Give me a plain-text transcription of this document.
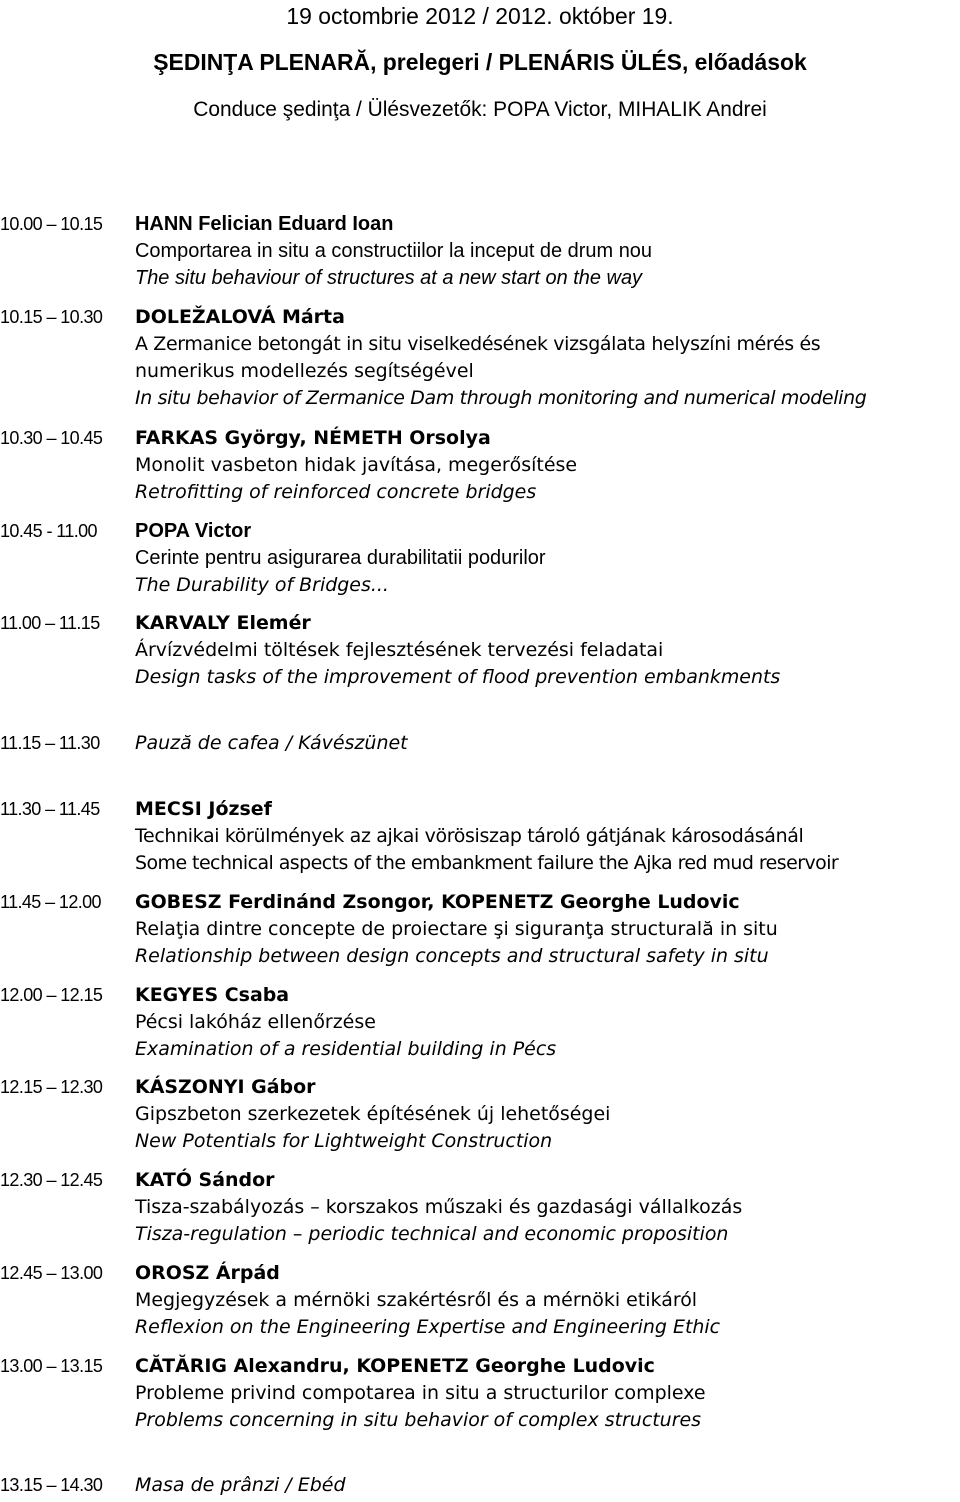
19 octombrie 2012 / 2012. október 19.
ŞEDINŢA PLENARĂ, prelegeri / PLENÁRIS ÜLÉS, előadások
Conduce şedinţa / Ülésvezetők: POPA Victor, MIHALIK Andrei
10.00 – 10.15	HANN Felician Eduard Ioan
Comportarea in situ a constructiilor la inceput de drum nou
The situ behaviour of structures at a new start on the way
10.15 – 10.30	DOLEŽALOVÁ Márta
A Zermanice betongát in situ viselkedésének vizsgálata helyszíni mérés és
numerikus modellezés segítségével
In situ behavior of Zermanice Dam through monitoring and numerical modeling
10.30 – 10.45	FARKAS György, NÉMETH Orsolya
Monolit vasbeton hidak javítása, megerősítése
Retrofitting of reinforced concrete bridges
10.45 - 11.00	POPA Victor
Cerinte pentru asigurarea durabilitatii podurilor
The Durability of Bridges...
11.00 – 11.15	KARVALY Elemér
Árvízvédelmi töltések fejlesztésének tervezési feladatai
Design tasks of the improvement of flood prevention embankments
11.15 – 11.30	Pauză de cafea / Kávészünet
11.30 – 11.45	MECSI József
Technikai körülmények az ajkai vörösiszap tároló gátjának károsodásánál
Some technical aspects of the embankment failure the Ajka red mud reservoir
11.45 – 12.00	GOBESZ Ferdinánd Zsongor, KOPENETZ Georghe Ludovic
Relaţia dintre concepte de proiectare şi siguranţa structurală in situ
Relationship between design concepts and structural safety in situ
12.00 – 12.15	KEGYES Csaba
Pécsi lakóház ellenőrzése
Examination of a residential building in Pécs
12.15 – 12.30	KÁSZONYI Gábor
Gipszbeton szerkezetek építésének új lehetőségei
New Potentials for Lightweight Construction
12.30 – 12.45	KATÓ Sándor
Tisza-szabályozás – korszakos műszaki és gazdasági vállalkozás
Tisza-regulation – periodic technical and economic proposition
12.45 – 13.00	OROSZ Árpád
Megjegyzések a mérnöki szakértésről és a mérnöki etikáról
Reflexion on the Engineering Expertise and Engineering Ethic
13.00 – 13.15	CĂTĂRIG Alexandru, KOPENETZ Georghe Ludovic
Probleme privind compotarea in situ a structurilor complexe
Problems concerning in situ behavior of complex structures
13.15 – 14.30	Masa de prânzi / Ebéd
